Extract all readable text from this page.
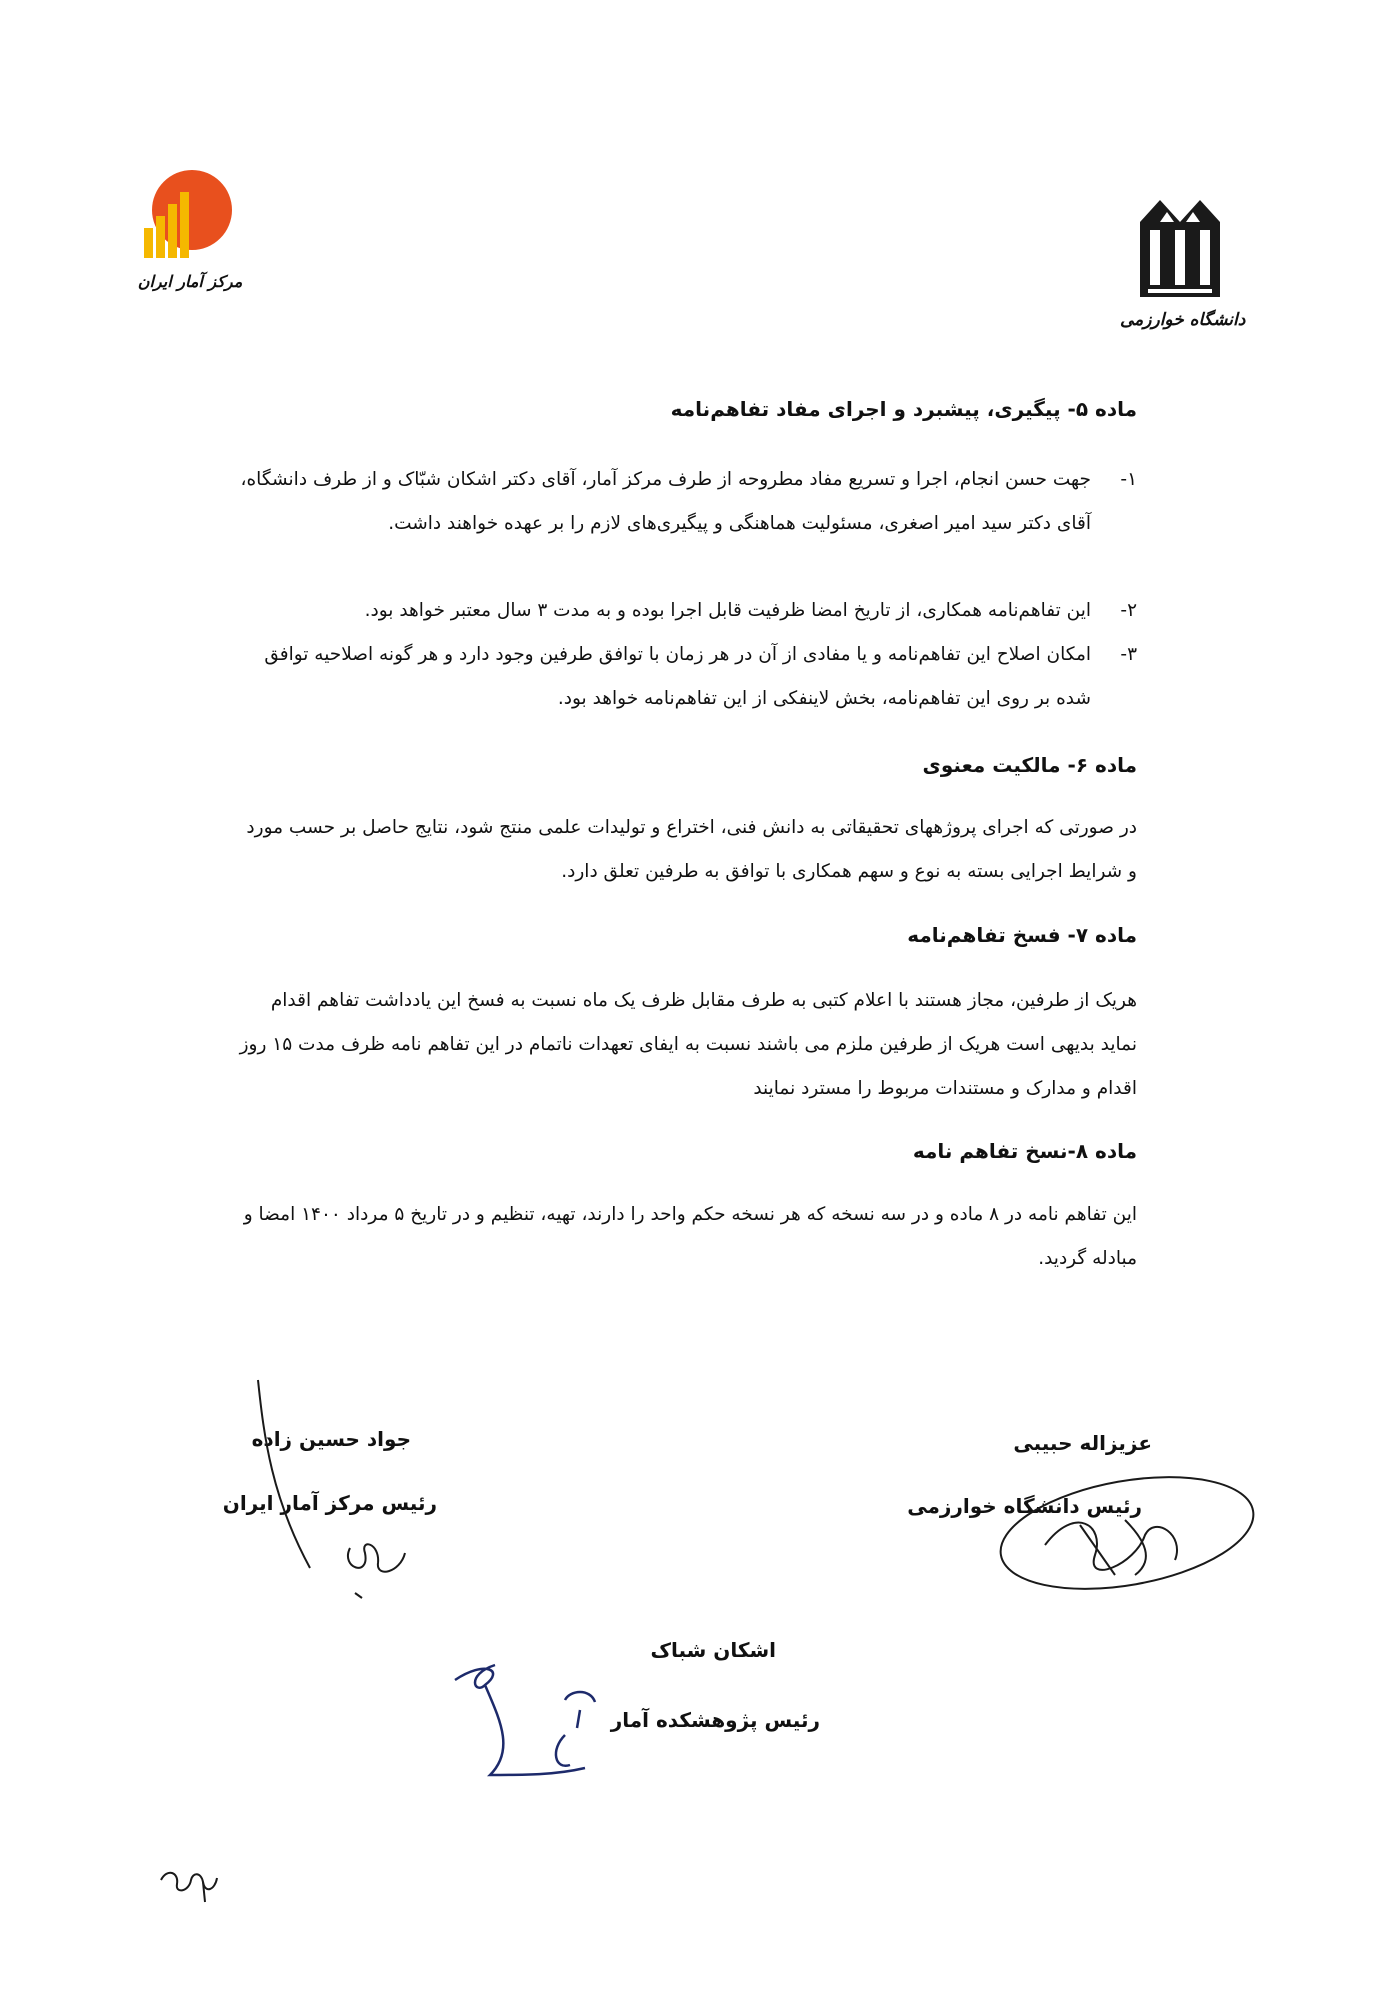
دانشگاه خوارزمی
مرکز آمار ایران
ماده ۵- پیگیری، پیشبرد و اجرای مفاد تفاهم‌نامه
۱-
جهت حسن انجام، اجرا و تسریع مفاد مطروحه از طرف مرکز آمار، آقای دکتر اشکان شبّاک و از طرف دانشگاه، آقای دکتر سید امیر اصغری، مسئولیت هماهنگی و پیگیری‌های لازم را بر عهده خواهند داشت.
۲-
این تفاهم‌نامه همکاری، از تاریخ امضا ظرفیت قابل اجرا بوده و به مدت ۳ سال معتبر خواهد بود.
۳-
امکان اصلاح این تفاهم‌نامه و یا مفادی از آن در هر زمان با توافق طرفین وجود دارد و هر گونه اصلاحیه توافق شده بر روی این تفاهم‌نامه، بخش لاینفکی از این تفاهم‌نامه خواهد بود.
ماده ۶- مالکیت معنوی
در صورتی که اجرای پروژههای تحقیقاتی به دانش فنی، اختراع و تولیدات علمی منتج شود، نتایج حاصل بر حسب مورد و شرایط اجرایی بسته به نوع و سهم همکاری با توافق به طرفین تعلق دارد.
ماده ۷- فسخ تفاهم‌نامه
هریک از طرفین، مجاز هستند با اعلام کتبی به طرف مقابل ظرف یک ماه نسبت به فسخ این یادداشت تفاهم اقدام نماید بدیهی است هریک از طرفین ملزم می باشند نسبت به ایفای تعهدات ناتمام در این تفاهم نامه ظرف مدت ۱۵ روز اقدام و مدارک و مستندات مربوط را مسترد نمایند
ماده ۸-نسخ تفاهم نامه
این تفاهم نامه در ۸ ماده و در سه نسخه که هر نسخه حکم واحد را دارند، تهیه، تنظیم و در تاریخ ۵ مرداد ۱۴۰۰ امضا و مبادله گردید.
عزیزاله حبیبی
رئیس دانشگاه خوارزمی
جواد حسین زاده
رئیس مرکز آمار ایران
اشکان شباک
رئیس پژوهشکده آمار
